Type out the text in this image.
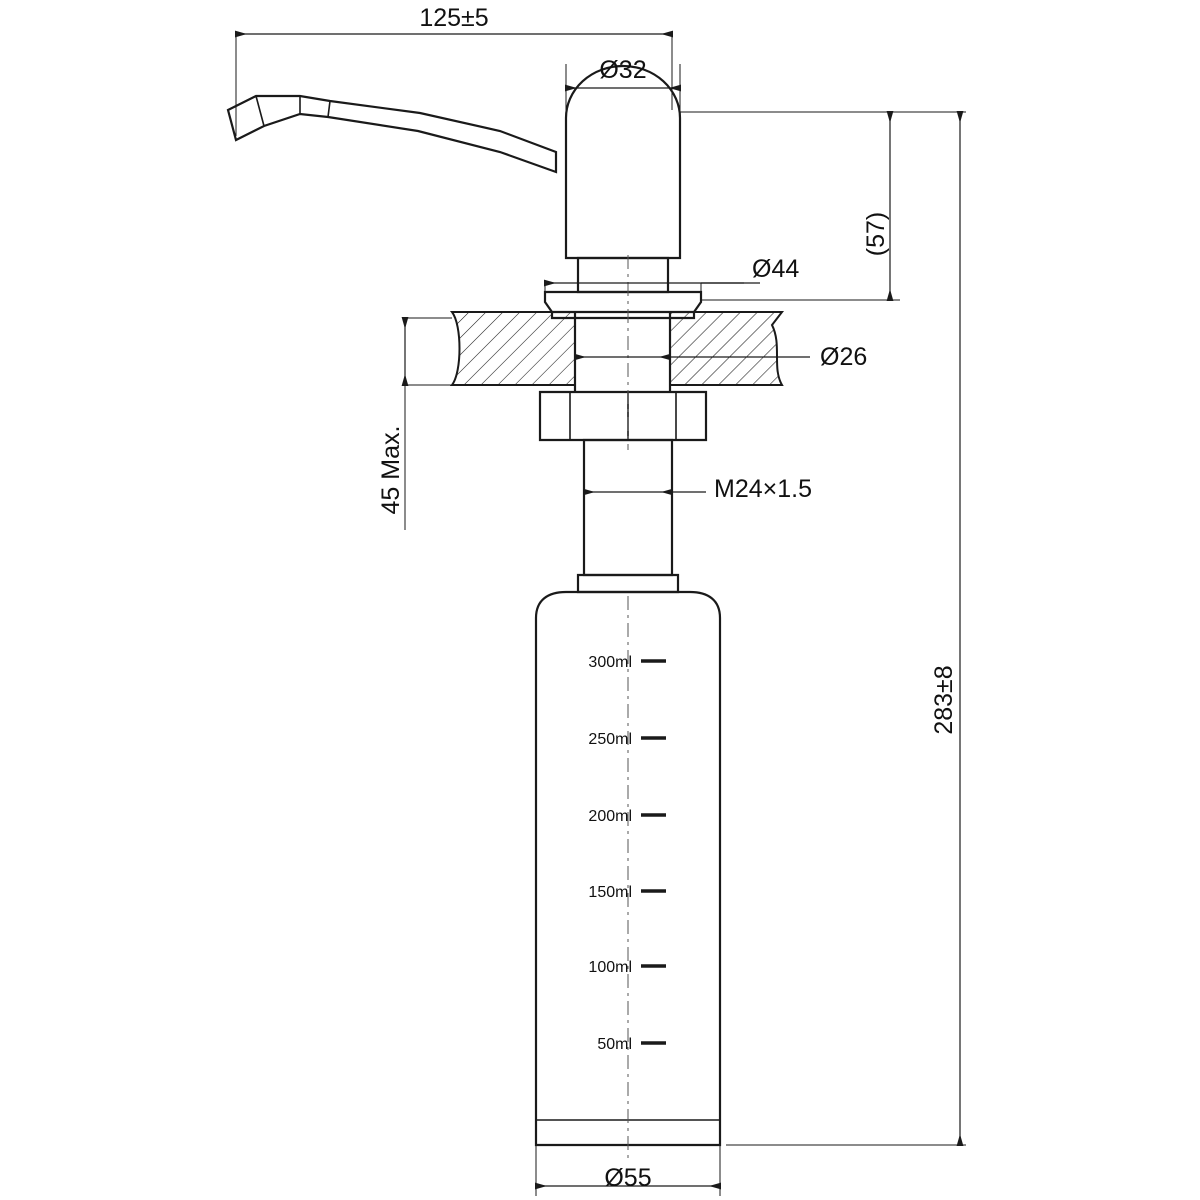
125±5
Ø32
Ø44
Ø26
(57)
45 Max.	M24×1.5
283±8
Ø55
300ml
250ml
200ml
150ml
100ml
50ml
